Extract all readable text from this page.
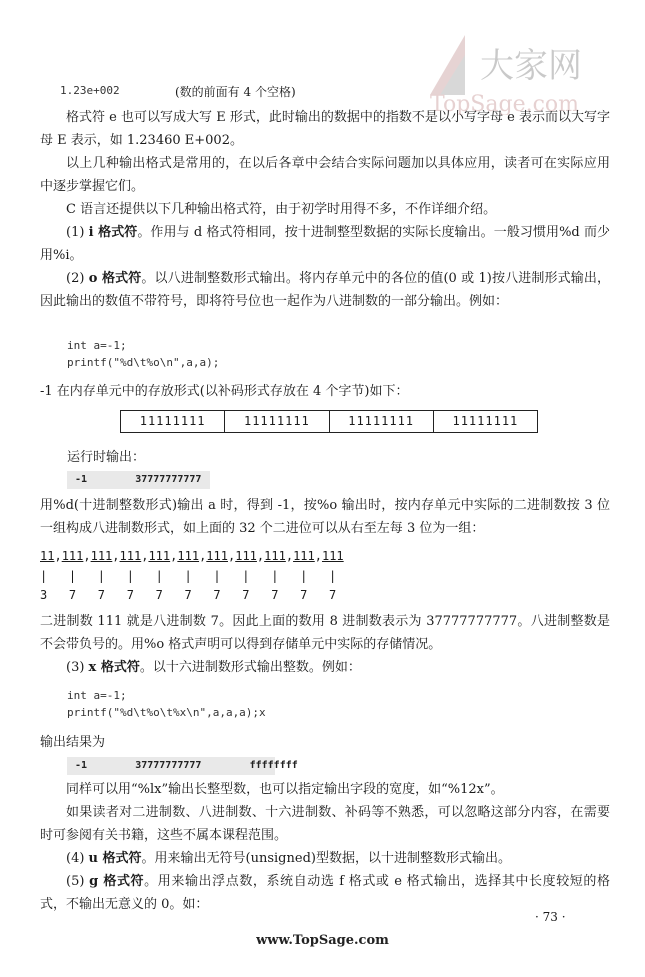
大家网
TopSage.com
1.23e+002	(数的前面有 4 个空格)
格式符 e 也可以写成大写 E 形式，此时输出的数据中的指数不是以小写字母 e 表示而以大写字母 E 表示，如 1.23460 E+002。
以上几种输出格式是常用的，在以后各章中会结合实际问题加以具体应用，读者可在实际应用中逐步掌握它们。
C 语言还提供以下几种输出格式符，由于初学时用得不多，不作详细介绍。
(1) i 格式符。作用与 d 格式符相同，按十进制整型数据的实际长度输出。一般习惯用%d 而少用%i。
(2) o 格式符。以八进制整数形式输出。将内存单元中的各位的值(0 或 1)按八进制形式输出，因此输出的数值不带符号，即将符号位也一起作为八进制数的一部分输出。例如：
int a=-1;
printf("%d\t%o\n",a,a);
-1 在内存单元中的存放形式(以补码形式存放在 4 个字节)如下：
11111111	11111111	11111111	11111111
运行时输出：
-1        37777777777
用%d(十进制整数形式)输出 a 时，得到 -1，按%o 输出时，按内存单元中实际的二进制数按 3 位一组构成八进制数形式，如上面的 32 个二进位可以从右至左每 3 位为一组：
11,111,111,111,111,111,111,111,111,111,111
|   |   |   |   |   |   |   |   |   |   |
3   7   7   7   7   7   7   7   7   7   7
二进制数 111 就是八进制数 7。因此上面的数用 8 进制数表示为 37777777777。八进制整数是不会带负号的。用%o 格式声明可以得到存储单元中实际的存储情况。
(3) x 格式符。以十六进制数形式输出整数。例如：
int a=-1;
printf("%d\t%o\t%x\n",a,a,a);x
输出结果为
-1        37777777777        ffffffff
同样可以用“%lx”输出长整型数，也可以指定输出字段的宽度，如“%12x”。
如果读者对二进制数、八进制数、十六进制数、补码等不熟悉，可以忽略这部分内容，在需要时可参阅有关书籍，这些不属本课程范围。
(4) u 格式符。用来输出无符号(unsigned)型数据，以十进制整数形式输出。
(5) g 格式符。用来输出浮点数，系统自动选 f 格式或 e 格式输出，选择其中长度较短的格式，不输出无意义的 0。如：
· 73 ·
www.TopSage.com
